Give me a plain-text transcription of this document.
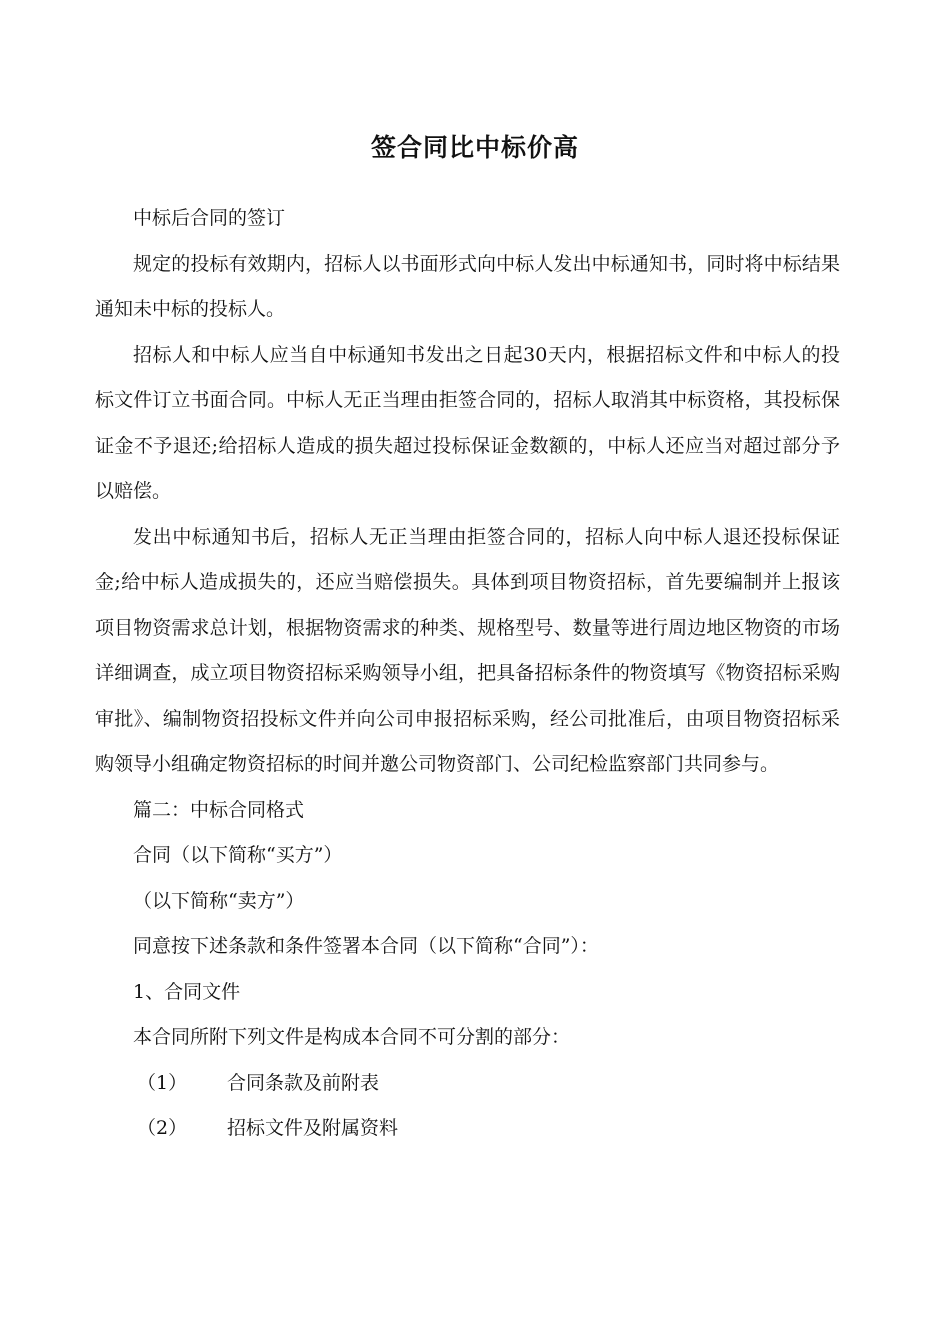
签合同比中标价高

中标后合同的签订

规定的投标有效期内，招标人以书面形式向中标人发出中标通知书，同时将中标结果通知未中标的投标人。

招标人和中标人应当自中标通知书发出之日起30天内，根据招标文件和中标人的投标文件订立书面合同。中标人无正当理由拒签合同的，招标人取消其中标资格，其投标保证金不予退还;给招标人造成的损失超过投标保证金数额的，中标人还应当对超过部分予以赔偿。

发出中标通知书后，招标人无正当理由拒签合同的，招标人向中标人退还投标保证金;给中标人造成损失的，还应当赔偿损失。具体到项目物资招标，首先要编制并上报该项目物资需求总计划，根据物资需求的种类、规格型号、数量等进行周边地区物资的市场详细调查，成立项目物资招标采购领导小组，把具备招标条件的物资填写《物资招标采购审批》、编制物资招投标文件并向公司申报招标采购，经公司批准后，由项目物资招标采购领导小组确定物资招标的时间并邀公司物资部门、公司纪检监察部门共同参与。

篇二：中标合同格式

合同（以下简称“买方”）

（以下简称“卖方”）

同意按下述条款和条件签署本合同（以下简称“合同”）：

1、合同文件

本合同所附下列文件是构成本合同不可分割的部分：

（1） 合同条款及前附表
（2） 招标文件及附属资料
